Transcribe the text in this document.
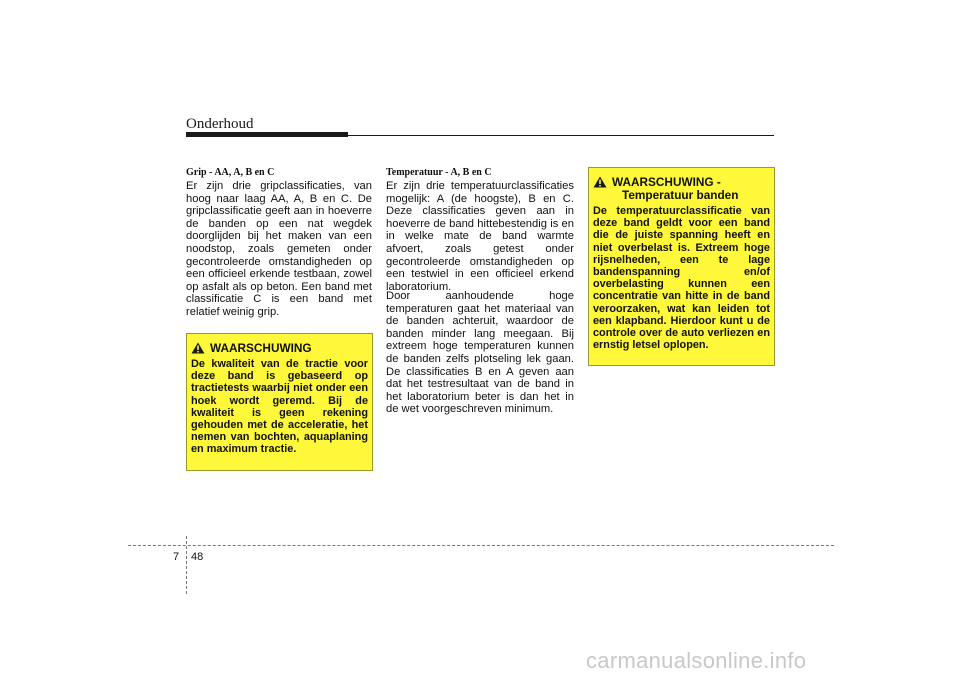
Onderhoud
Grip - AA, A, B en C

Er zijn drie gripclassificaties, van hoog naar laag AA, A, B en C. De gripclassificatie geeft aan in hoeverre de banden op een nat wegdek doorglijden bij het maken van een noodstop, zoals gemeten onder gecontroleerde omstandigheden op een officieel erkende testbaan, zowel op asfalt als op beton. Een band met classificatie C is een band met relatief weinig grip.

WAARSCHUWING

De kwaliteit van de tractie voor deze band is gebaseerd op tractietests waarbij niet onder een hoek wordt geremd. Bij de kwaliteit is geen rekening gehouden met de acceleratie, het nemen van bochten, aquaplaning en maximum tractie.

Temperatuur - A, B en C

Er zijn drie temperatuurclassificaties mogelijk: A (de hoogste), B en C. Deze classificaties geven aan in hoeverre de band hittebestendig is en in welke mate de band warmte afvoert, zoals getest onder gecontroleerde omstandigheden op een testwiel in een officieel erkend laboratorium.

Door aanhoudende hoge temperaturen gaat het materiaal van de banden achteruit, waardoor de banden minder lang meegaan. Bij extreem hoge temperaturen kunnen de banden zelfs plotseling lek gaan. De classificaties B en A geven aan dat het testresultaat van de band in het laboratorium beter is dan het in de wet voorgeschreven minimum.

WAARSCHUWING -
Temperatuur banden

De temperatuurclassificatie van deze band geldt voor een band die de juiste spanning heeft en niet overbelast is. Extreem hoge rijsnelheden, een te lage bandenspanning en/of overbelasting kunnen een concentratie van hitte in de band veroorzaken, wat kan leiden tot een klapband. Hierdoor kunt u de controle over de auto verliezen en ernstig letsel oplopen.

7 48
carmanualsonline.info
